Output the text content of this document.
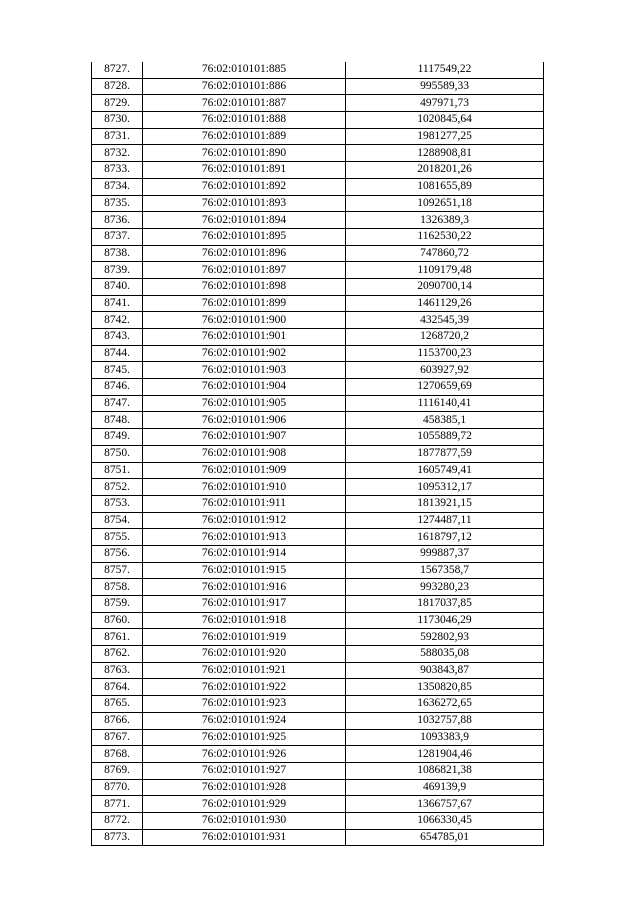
8727.	76:02:010101:885	1117549,22
8728.	76:02:010101:886	995589,33
8729.	76:02:010101:887	497971,73
8730.	76:02:010101:888	1020845,64
8731.	76:02:010101:889	1981277,25
8732.	76:02:010101:890	1288908,81
8733.	76:02:010101:891	2018201,26
8734.	76:02:010101:892	1081655,89
8735.	76:02:010101:893	1092651,18
8736.	76:02:010101:894	1326389,3
8737.	76:02:010101:895	1162530,22
8738.	76:02:010101:896	747860,72
8739.	76:02:010101:897	1109179,48
8740.	76:02:010101:898	2090700,14
8741.	76:02:010101:899	1461129,26
8742.	76:02:010101:900	432545,39
8743.	76:02:010101:901	1268720,2
8744.	76:02:010101:902	1153700,23
8745.	76:02:010101:903	603927,92
8746.	76:02:010101:904	1270659,69
8747.	76:02:010101:905	1116140,41
8748.	76:02:010101:906	458385,1
8749.	76:02:010101:907	1055889,72
8750.	76:02:010101:908	1877877,59
8751.	76:02:010101:909	1605749,41
8752.	76:02:010101:910	1095312,17
8753.	76:02:010101:911	1813921,15
8754.	76:02:010101:912	1274487,11
8755.	76:02:010101:913	1618797,12
8756.	76:02:010101:914	999887,37
8757.	76:02:010101:915	1567358,7
8758.	76:02:010101:916	993280,23
8759.	76:02:010101:917	1817037,85
8760.	76:02:010101:918	1173046,29
8761.	76:02:010101:919	592802,93
8762.	76:02:010101:920	588035,08
8763.	76:02:010101:921	903843,87
8764.	76:02:010101:922	1350820,85
8765.	76:02:010101:923	1636272,65
8766.	76:02:010101:924	1032757,88
8767.	76:02:010101:925	1093383,9
8768.	76:02:010101:926	1281904,46
8769.	76:02:010101:927	1086821,38
8770.	76:02:010101:928	469139,9
8771.	76:02:010101:929	1366757,67
8772.	76:02:010101:930	1066330,45
8773.	76:02:010101:931	654785,01
